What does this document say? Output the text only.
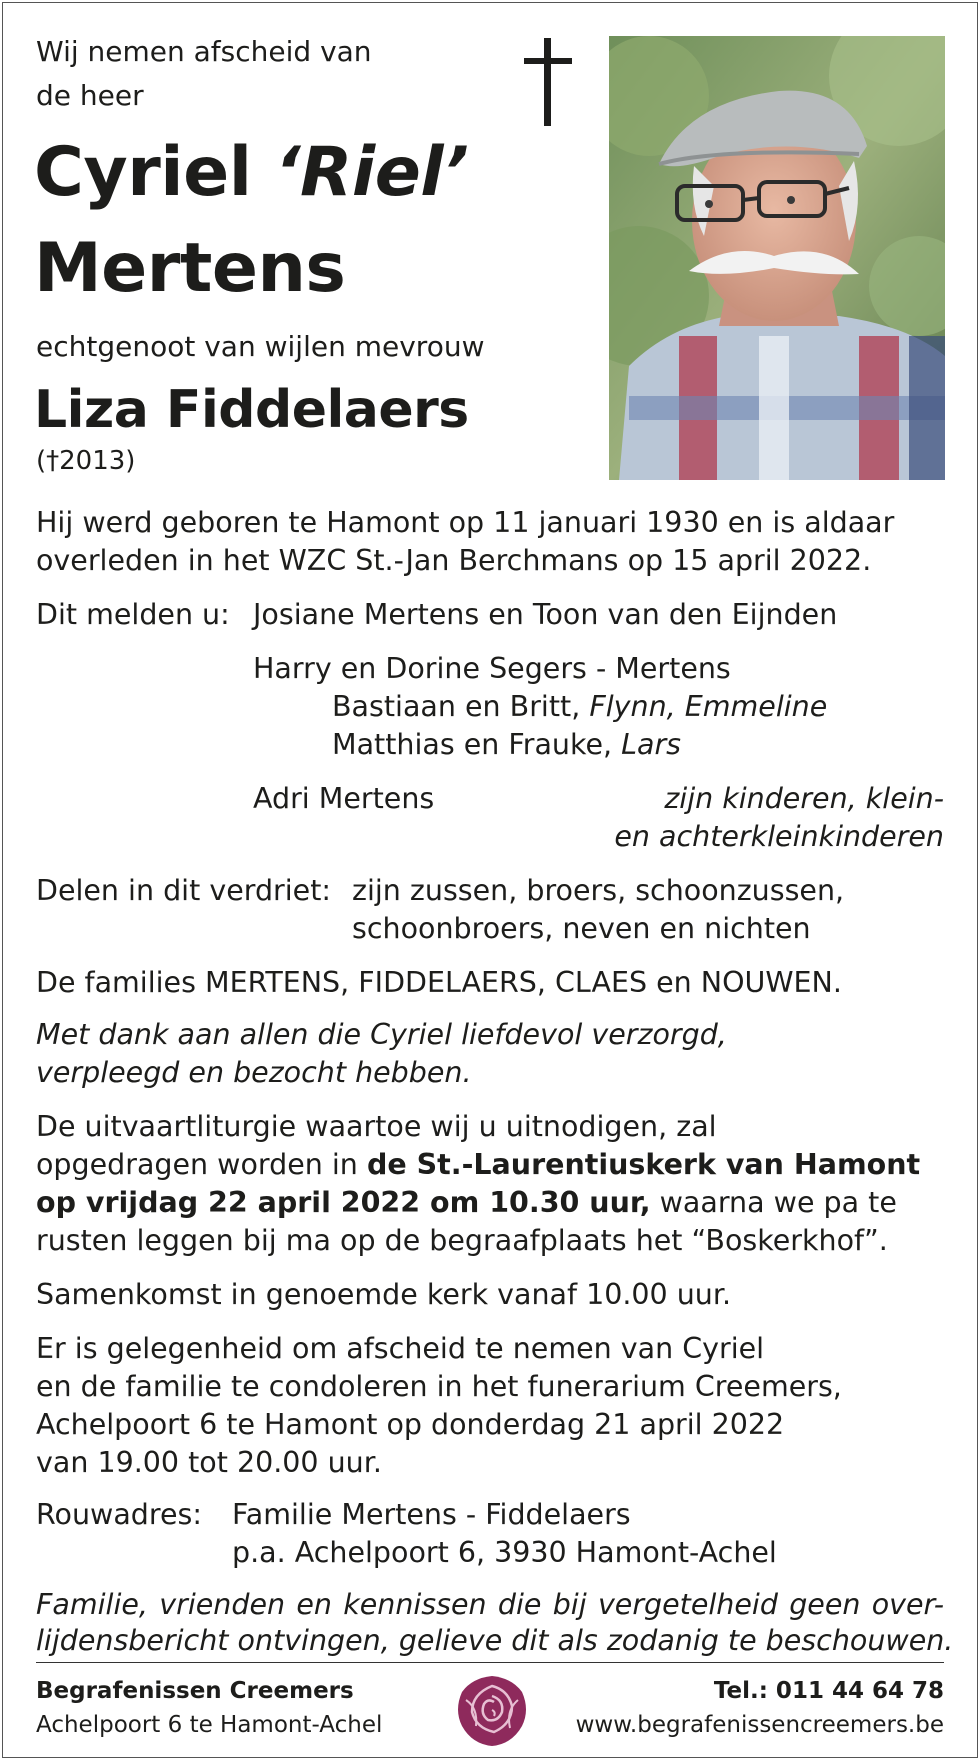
Wij nemen afscheid van
de heer
Cyriel ‘Riel’
Mertens
echtgenoot van wijlen mevrouw
Liza Fiddelaers
(†2013)
Hij werd geboren te Hamont op 11 januari 1930 en is aldaar
overleden in het WZC St.-Jan Berchmans op 15 april 2022.
Dit melden u: Josiane Mertens en Toon van den Eijnden
Harry en Dorine Segers - Mertens
Bastiaan en Britt, Flynn, Emmeline
Matthias en Frauke, Lars
Adri Mertens	zijn kinderen, klein-
en achterkleinkinderen
Delen in dit verdriet: zijn zussen, broers, schoonzussen,
schoonbroers, neven en nichten
De families MERTENS, FIDDELAERS, CLAES en NOUWEN.
Met dank aan allen die Cyriel liefdevol verzorgd,
verpleegd en bezocht hebben.
De uitvaartliturgie waartoe wij u uitnodigen, zal
opgedragen worden in de St.-Laurentiuskerk van Hamont
op vrijdag 22 april 2022 om 10.30 uur, waarna we pa te
rusten leggen bij ma op de begraafplaats het “Boskerkhof”.
Samenkomst in genoemde kerk vanaf 10.00 uur.
Er is gelegenheid om afscheid te nemen van Cyriel
en de familie te condoleren in het funerarium Creemers,
Achelpoort 6 te Hamont op donderdag 21 april 2022
van 19.00 tot 20.00 uur.
Rouwadres: Familie Mertens - Fiddelaers
p.a. Achelpoort 6, 3930 Hamont-Achel
Familie, vrienden en kennissen die bij vergetelheid geen over-
lijdensbericht ontvingen, gelieve dit als zodanig te beschouwen.
Begrafenissen Creemers
Achelpoort 6 te Hamont-Achel
Tel.: 011 44 64 78
www.begrafenissencreemers.be
